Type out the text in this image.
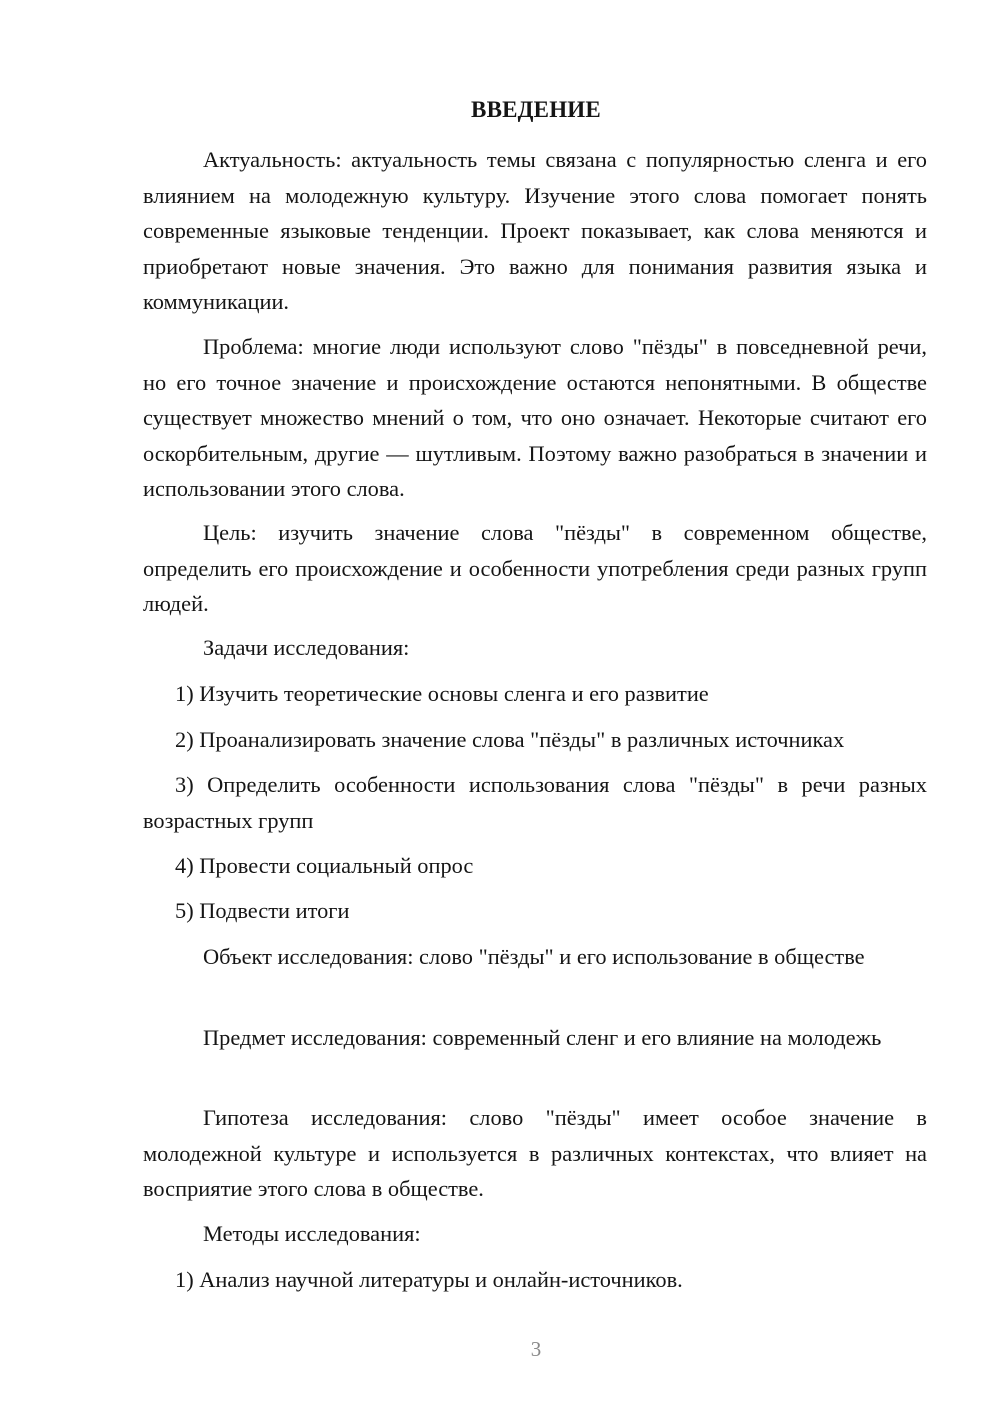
ВВЕДЕНИЕ

Актуальность: актуальность темы связана с популярностью сленга и его влиянием на молодежную культуру. Изучение этого слова помогает понять современные языковые тенденции. Проект показывает, как слова меняются и приобретают новые значения. Это важно для понимания развития языка и коммуникации.

Проблема: многие люди используют слово "пёзды" в повседневной речи, но его точное значение и происхождение остаются непонятными. В обществе существует множество мнений о том, что оно означает. Некоторые считают его оскорбительным, другие — шутливым. Поэтому важно разобраться в значении и использовании этого слова.

Цель: изучить значение слова "пёзды" в современном обществе, определить его происхождение и особенности употребления среди разных групп людей.

Задачи исследования:

1) Изучить теоретические основы сленга и его развитие

2) Проанализировать значение слова "пёзды" в различных источниках

3) Определить особенности использования слова "пёзды" в речи разных возрастных групп

4) Провести социальный опрос

5) Подвести итоги

Объект исследования: слово "пёзды" и его использование в обществе

Предмет исследования: современный сленг и его влияние на молодежь

Гипотеза исследования: слово "пёзды" имеет особое значение в молодежной культуре и используется в различных контекстах, что влияет на восприятие этого слова в обществе.

Методы исследования:

1) Анализ научной литературы и онлайн-источников.

3
